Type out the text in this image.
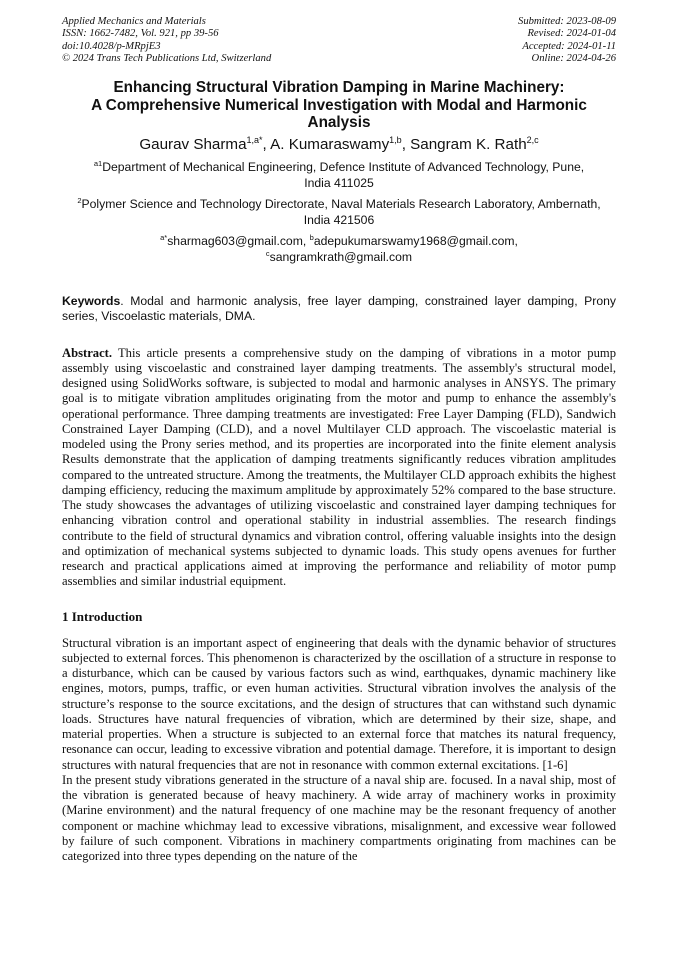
Applied Mechanics and Materials
ISSN: 1662-7482, Vol. 921, pp 39-56
doi:10.4028/p-MRpjE3
© 2024 Trans Tech Publications Ltd, Switzerland
Submitted: 2023-08-09
Revised: 2024-01-04
Accepted: 2024-01-11
Online: 2024-04-26
Enhancing Structural Vibration Damping in Marine Machinery:
A Comprehensive Numerical Investigation with Modal and Harmonic
Analysis
Gaurav Sharma$^{1,a*}$, A. Kumaraswamy$^{1,b}$, Sangram K. Rath$^{2,c}$
$^{a1}$Department of Mechanical Engineering, Defence Institute of Advanced Technology, Pune,
India 411025
$^2$Polymer Science and Technology Directorate, Naval Materials Research Laboratory, Ambernath,
India 421506
$^{a*}$sharmag603@gmail.com, $^b$adepukumarswamy1968@gmail.com,
$^c$sangramkrath@gmail.com
Keywords. Modal and harmonic analysis, free layer damping, constrained layer damping, Prony series, Viscoelastic materials, DMA.
Abstract. This article presents a comprehensive study on the damping of vibrations in a motor pump assembly using viscoelastic and constrained layer damping treatments. The assembly's structural model, designed using SolidWorks software, is subjected to modal and harmonic analyses in ANSYS. The primary goal is to mitigate vibration amplitudes originating from the motor and pump to enhance the assembly's operational performance. Three damping treatments are investigated: Free Layer Damping (FLD), Sandwich Constrained Layer Damping (CLD), and a novel Multilayer CLD approach. The viscoelastic material is modeled using the Prony series method, and its properties are incorporated into the finite element analysis Results demonstrate that the application of damping treatments significantly reduces vibration amplitudes compared to the untreated structure. Among the treatments, the Multilayer CLD approach exhibits the highest damping efficiency, reducing the maximum amplitude by approximately 52% compared to the base structure. The study showcases the advantages of utilizing viscoelastic and constrained layer damping techniques for enhancing vibration control and operational stability in industrial assemblies. The research findings contribute to the field of structural dynamics and vibration control, offering valuable insights into the design and optimization of mechanical systems subjected to dynamic loads. This study opens avenues for further research and practical applications aimed at improving the performance and reliability of motor pump assemblies and similar industrial equipment.
1 Introduction
Structural vibration is an important aspect of engineering that deals with the dynamic behavior of structures subjected to external forces. This phenomenon is characterized by the oscillation of a structure in response to a disturbance, which can be caused by various factors such as wind, earthquakes, dynamic machinery like engines, motors, pumps, traffic, or even human activities. Structural vibration involves the analysis of the structure’s response to the source excitations, and the design of structures that can withstand such dynamic loads. Structures have natural frequencies of vibration, which are determined by their size, shape, and material properties. When a structure is subjected to an external force that matches its natural frequency, resonance can occur, leading to excessive vibration and potential damage. Therefore, it is important to design structures with natural frequencies that are not in resonance with common external excitations. [1-6]
In the present study vibrations generated in the structure of a naval ship are. focused. In a naval ship, most of the vibration is generated because of heavy machinery. A wide array of machinery works in proximity (Marine environment) and the natural frequency of one machine may be the resonant frequency of another component or machine whichmay lead to excessive vibrations, misalignment, and excessive wear followed by failure of such component. Vibrations in machinery compartments originating from machines can be categorized into three types depending on the nature of the
